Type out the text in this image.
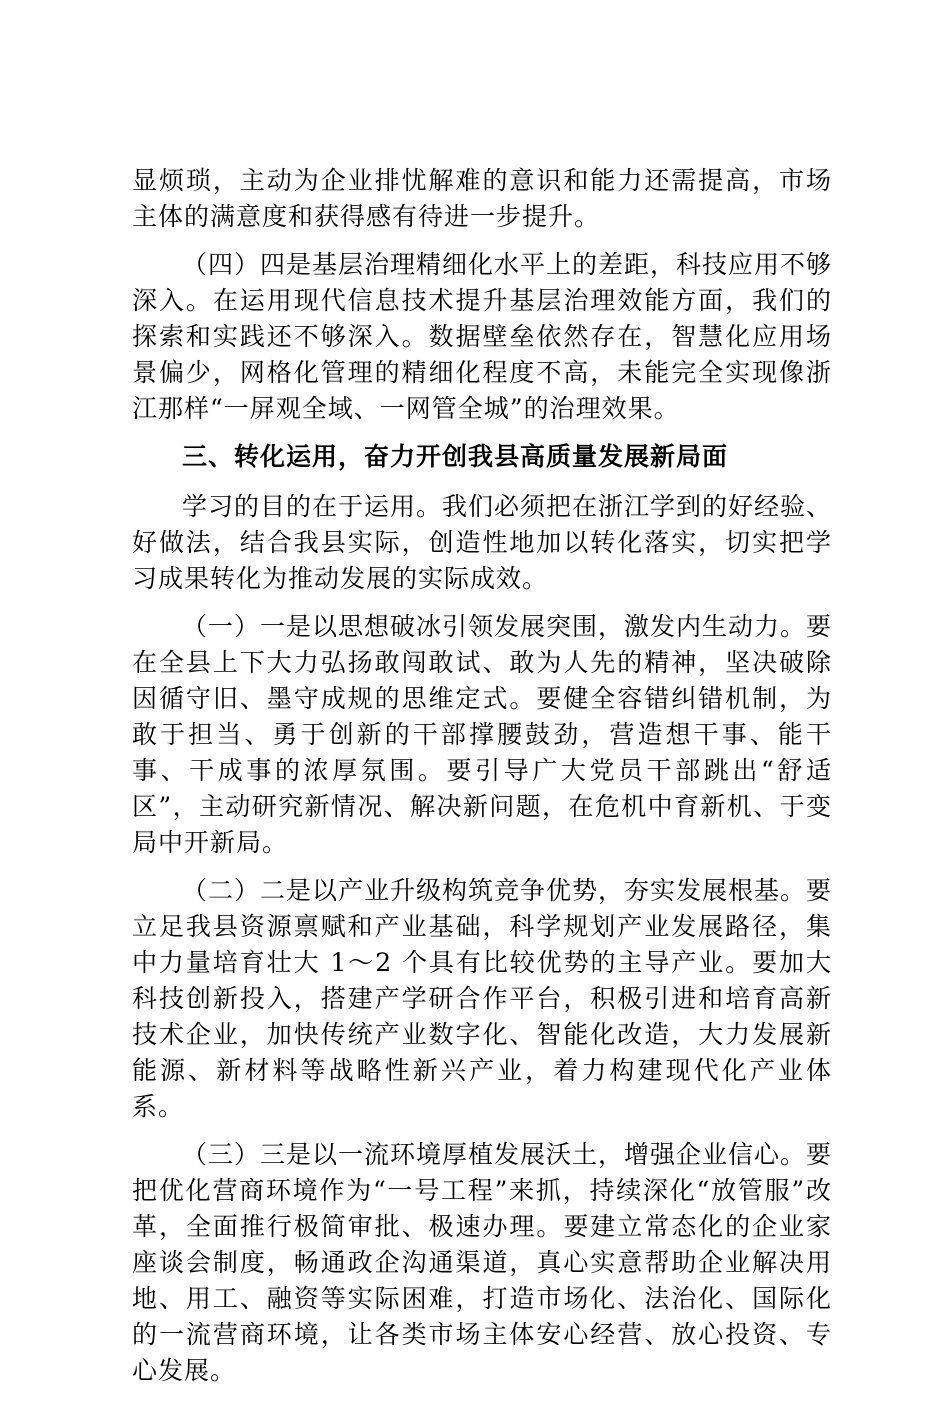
显烦琐，主动为企业排忧解难的意识和能力还需提高，市场主体的满意度和获得感有待进一步提升。

（四）四是基层治理精细化水平上的差距，科技应用不够深入。在运用现代信息技术提升基层治理效能方面，我们的探索和实践还不够深入。数据壁垒依然存在，智慧化应用场景偏少，网格化管理的精细化程度不高，未能完全实现像浙江那样“一屏观全域、一网管全城”的治理效果。

三、转化运用，奋力开创我县高质量发展新局面

学习的目的在于运用。我们必须把在浙江学到的好经验、好做法，结合我县实际，创造性地加以转化落实，切实把学习成果转化为推动发展的实际成效。

（一）一是以思想破冰引领发展突围，激发内生动力。要在全县上下大力弘扬敢闯敢试、敢为人先的精神，坚决破除因循守旧、墨守成规的思维定式。要健全容错纠错机制，为敢于担当、勇于创新的干部撑腰鼓劲，营造想干事、能干事、干成事的浓厚氛围。要引导广大党员干部跳出“舒适区”，主动研究新情况、解决新问题，在危机中育新机、于变局中开新局。

（二）二是以产业升级构筑竞争优势，夯实发展根基。要立足我县资源禀赋和产业基础，科学规划产业发展路径，集中力量培育壮大 1～2 个具有比较优势的主导产业。要加大科技创新投入，搭建产学研合作平台，积极引进和培育高新技术企业，加快传统产业数字化、智能化改造，大力发展新能源、新材料等战略性新兴产业，着力构建现代化产业体系。

（三）三是以一流环境厚植发展沃土，增强企业信心。要把优化营商环境作为“一号工程”来抓，持续深化“放管服”改革，全面推行极简审批、极速办理。要建立常态化的企业家座谈会制度，畅通政企沟通渠道，真心实意帮助企业解决用地、用工、融资等实际困难，打造市场化、法治化、国际化的一流营商环境，让各类市场主体安心经营、放心投资、专心发展。
